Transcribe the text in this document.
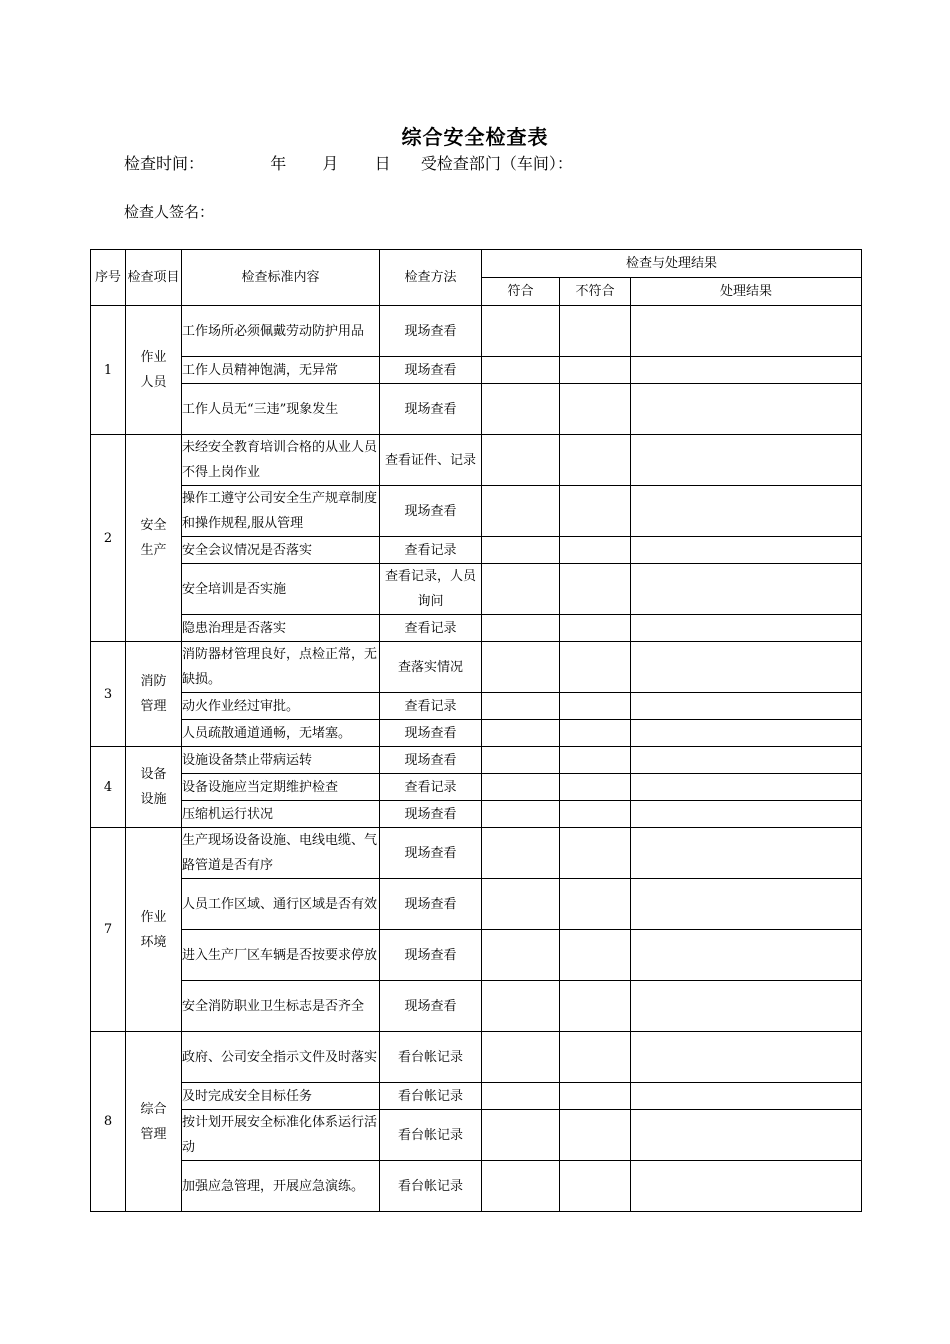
综合安全检查表
检查时间：	年 月 日 受检查部门（车间）：
检查人签名：
序号	检查项目	检查标准内容	检查方法	检查与处理结果		
				符合	不符合	处理结果
1	作业人员	工作场所必须佩戴劳动防护用品	现场查看			
		工作人员精神饱满，无异常	现场查看			
		工作人员无“三违”现象发生	现场查看			
2	安全生产	未经安全教育培训合格的从业人员不得上岗作业	查看证件、记录			
		操作工遵守公司安全生产规章制度和操作规程,服从管理	现场查看			
		安全会议情况是否落实	查看记录			
		安全培训是否实施	查看记录，人员询问			
		隐患治理是否落实	查看记录			
3	消防管理	消防器材管理良好，点检正常，无缺损。	查落实情况			
		动火作业经过审批。	查看记录			
		人员疏散通道通畅，无堵塞。	现场查看			
4	设备设施	设施设备禁止带病运转	现场查看			
		设备设施应当定期维护检查	查看记录			
		压缩机运行状况	现场查看			
7	作业环境	生产现场设备设施、电线电缆、气路管道是否有序	现场查看			
		人员工作区域、通行区域是否有效	现场查看			
		进入生产厂区车辆是否按要求停放	现场查看			
		安全消防职业卫生标志是否齐全	现场查看			
8	综合管理	政府、公司安全指示文件及时落实	看台帐记录			
		及时完成安全目标任务	看台帐记录			
		按计划开展安全标准化体系运行活动	看台帐记录			
		加强应急管理，开展应急演练。	看台帐记录			
